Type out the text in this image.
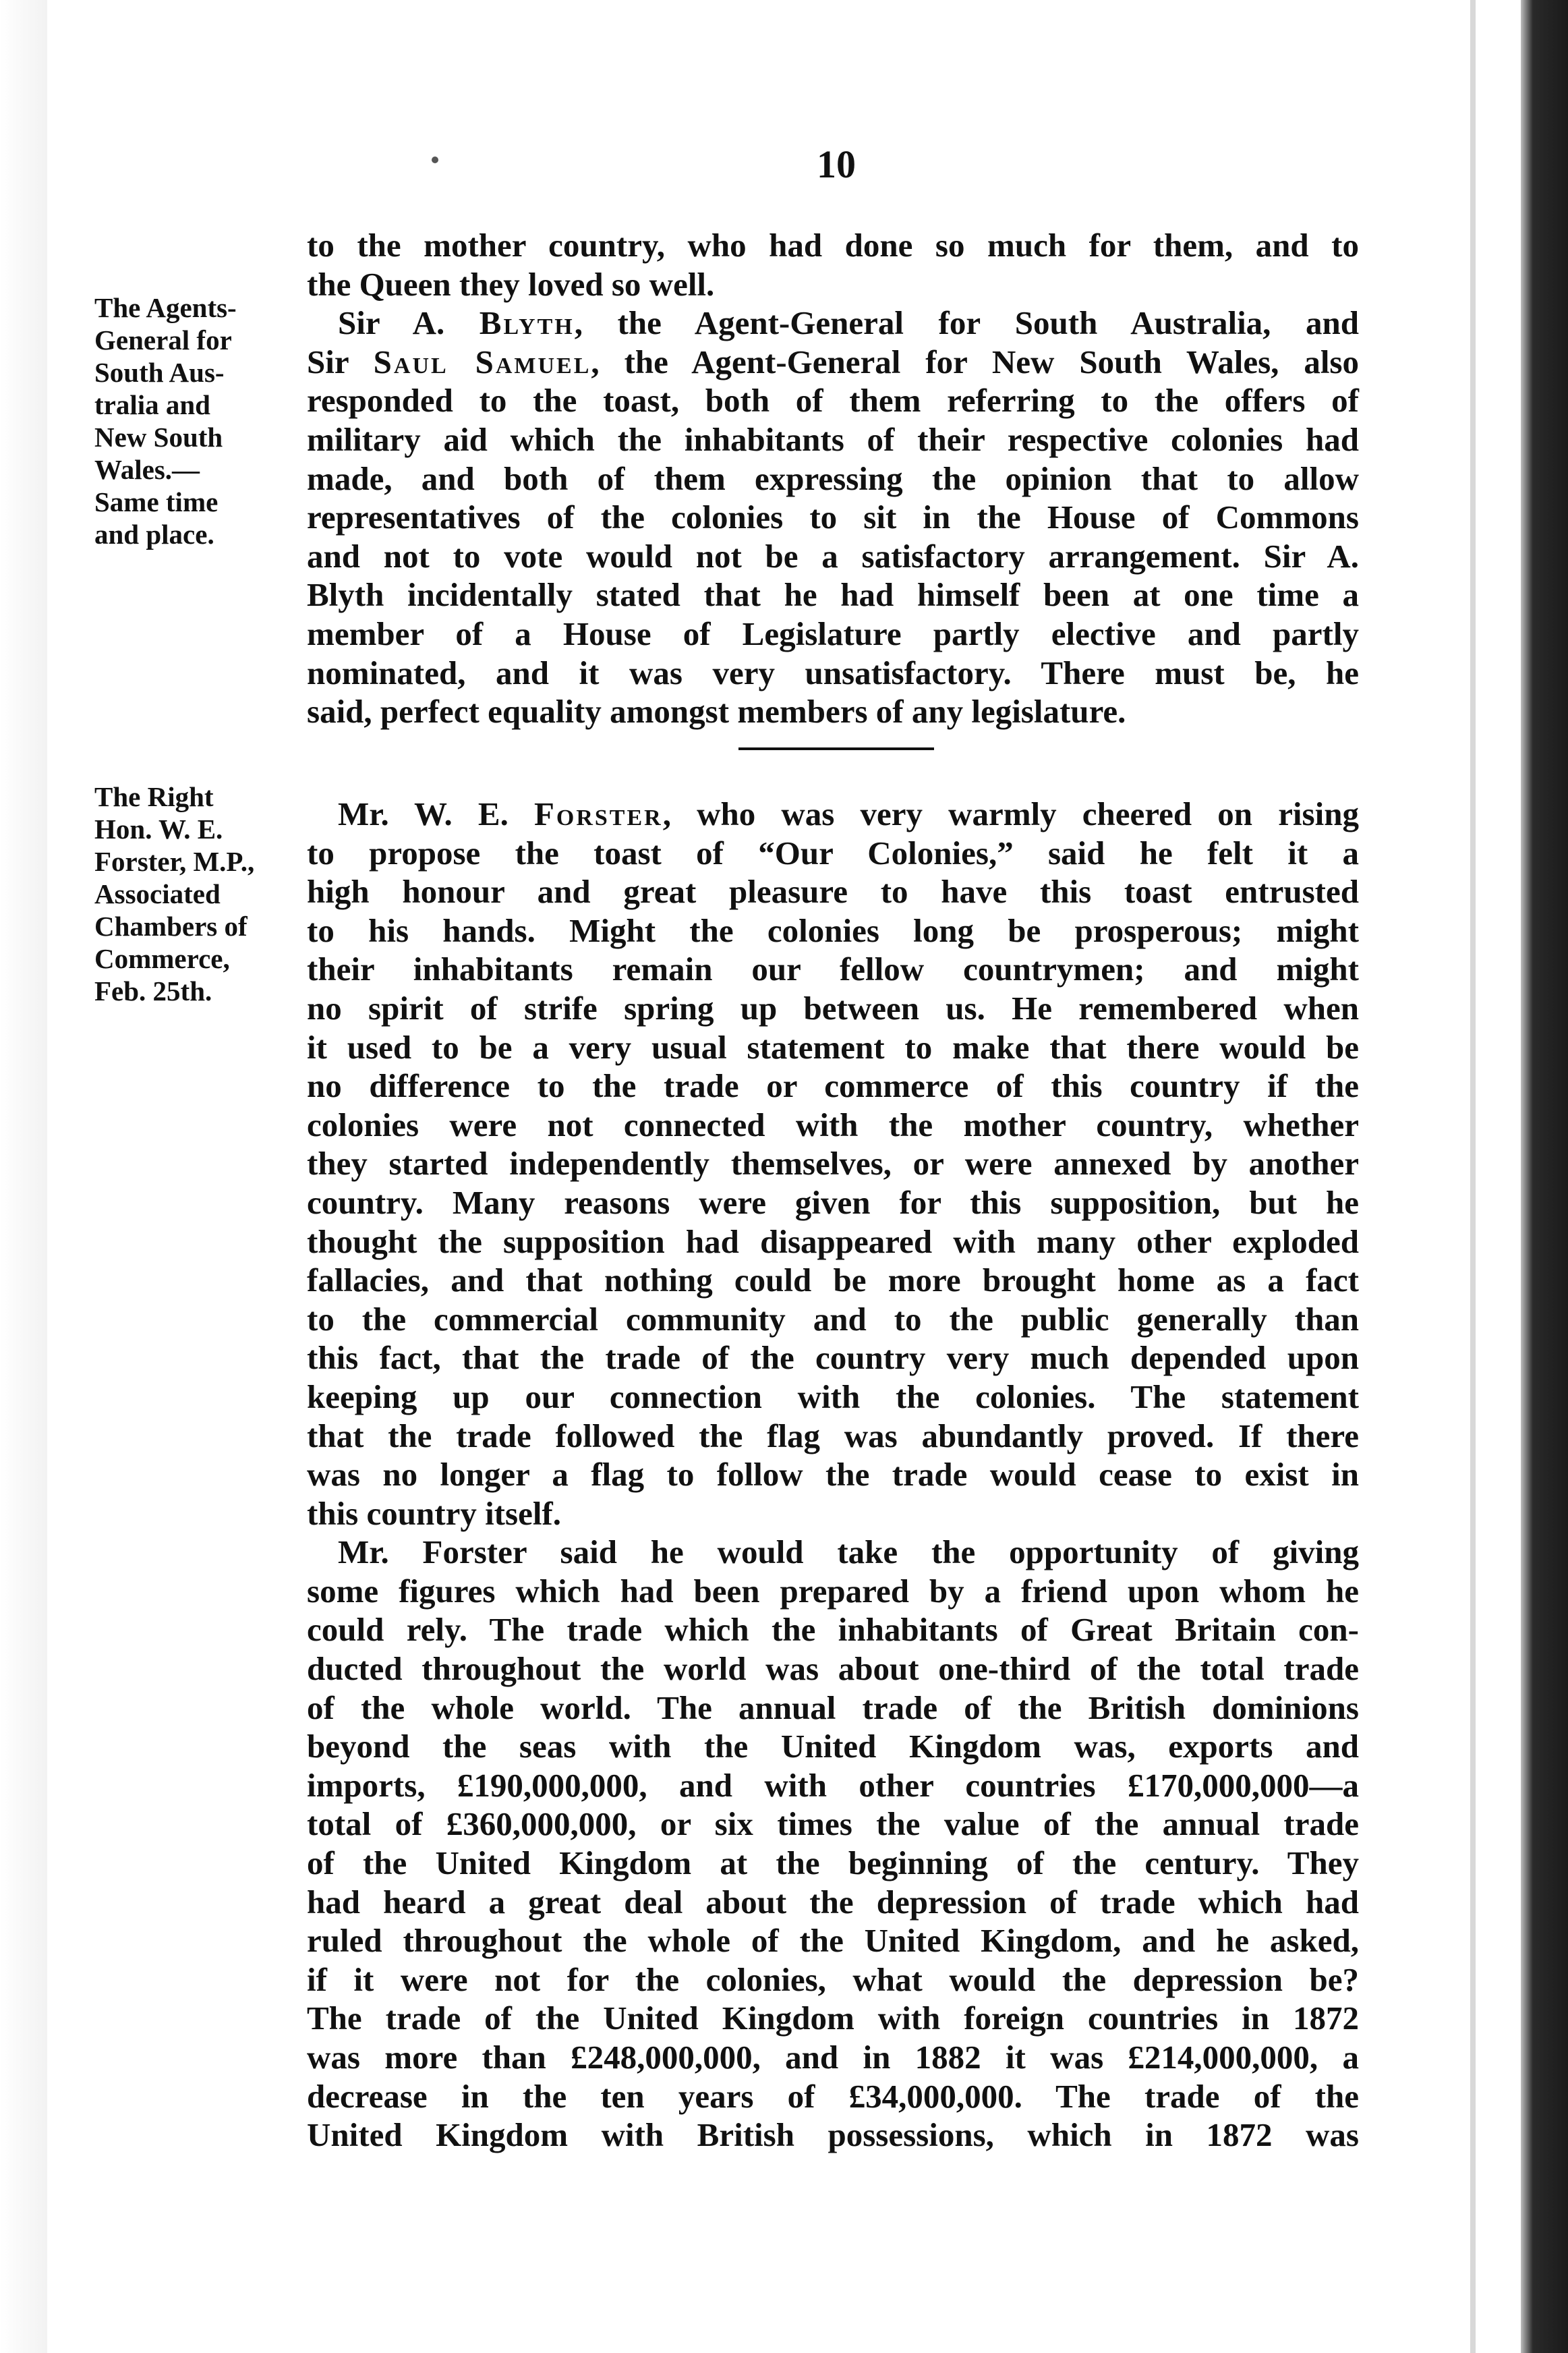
10
The Agents-
General for
South Aus-
tralia and
New South
Wales.—
Same time
and place.
to the mother country, who had done so much for them, and to
the Queen they loved so well.
Sir A. Blyth, the Agent-General for South Australia, and
Sir Saul Samuel, the Agent-General for New South Wales, also
responded to the toast, both of them referring to the offers of
military aid which the inhabitants of their respective colonies had
made, and both of them expressing the opinion that to allow
representatives of the colonies to sit in the House of Commons
and not to vote would not be a satisfactory arrangement. Sir A.
Blyth incidentally stated that he had himself been at one time a
member of a House of Legislature partly elective and partly
nominated, and it was very unsatisfactory. There must be, he
said, perfect equality amongst members of any legislature.
The Right
Hon. W. E.
Forster, M.P.,
Associated
Chambers of
Commerce,
Feb. 25th.
Mr. W. E. Forster, who was very warmly cheered on rising
to propose the toast of “Our Colonies,” said he felt it a
high honour and great pleasure to have this toast entrusted
to his hands. Might the colonies long be prosperous; might
their inhabitants remain our fellow countrymen; and might
no spirit of strife spring up between us. He remembered when
it used to be a very usual statement to make that there would be
no difference to the trade or commerce of this country if the
colonies were not connected with the mother country, whether
they started independently themselves, or were annexed by another
country. Many reasons were given for this supposition, but he
thought the supposition had disappeared with many other exploded
fallacies, and that nothing could be more brought home as a fact
to the commercial community and to the public generally than
this fact, that the trade of the country very much depended upon
keeping up our connection with the colonies. The statement
that the trade followed the flag was abundantly proved. If there
was no longer a flag to follow the trade would cease to exist in
this country itself.
Mr. Forster said he would take the opportunity of giving
some figures which had been prepared by a friend upon whom he
could rely. The trade which the inhabitants of Great Britain con-
ducted throughout the world was about one-third of the total trade
of the whole world. The annual trade of the British dominions
beyond the seas with the United Kingdom was, exports and
imports, £190,000,000, and with other countries £170,000,000—a
total of £360,000,000, or six times the value of the annual trade
of the United Kingdom at the beginning of the century. They
had heard a great deal about the depression of trade which had
ruled throughout the whole of the United Kingdom, and he asked,
if it were not for the colonies, what would the depression be?
The trade of the United Kingdom with foreign countries in 1872
was more than £248,000,000, and in 1882 it was £214,000,000, a
decrease in the ten years of £34,000,000. The trade of the
United Kingdom with British possessions, which in 1872 was
